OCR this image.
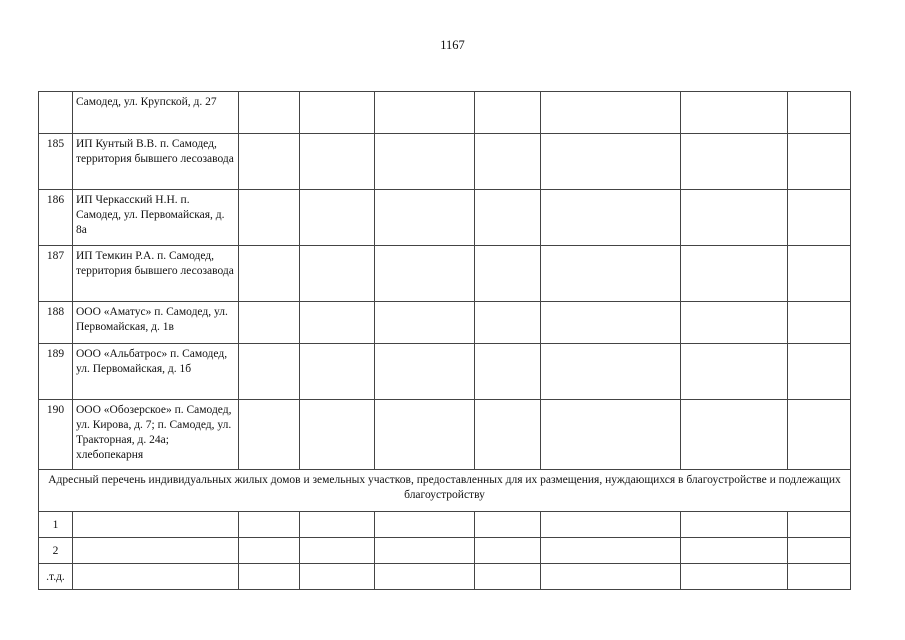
1167
	Самодед, ул. Крупской, д. 27							
185	ИП Кунтый В.В. п. Самодед, территория бывшего лесозавода							
186	ИП Черкасский Н.Н. п. Самодед, ул. Первомайская, д. 8а							
187	ИП Темкин Р.А. п. Самодед, территория бывшего лесозавода							
188	ООО «Аматус» п. Самодед, ул. Первомайская, д. 1в							
189	ООО «Альбатрос» п. Самодед, ул. Первомайская, д. 1б							
190	ООО «Обозерское» п. Самодед, ул. Кирова, д. 7; п. Самодед, ул. Тракторная, д. 24а; хлебопекарня							
Адресный перечень индивидуальных жилых домов и земельных участков, предоставленных для их размещения, нуждающихся в благоустройстве и подлежащих благоустройству								
1								
2								
.т.д.								
